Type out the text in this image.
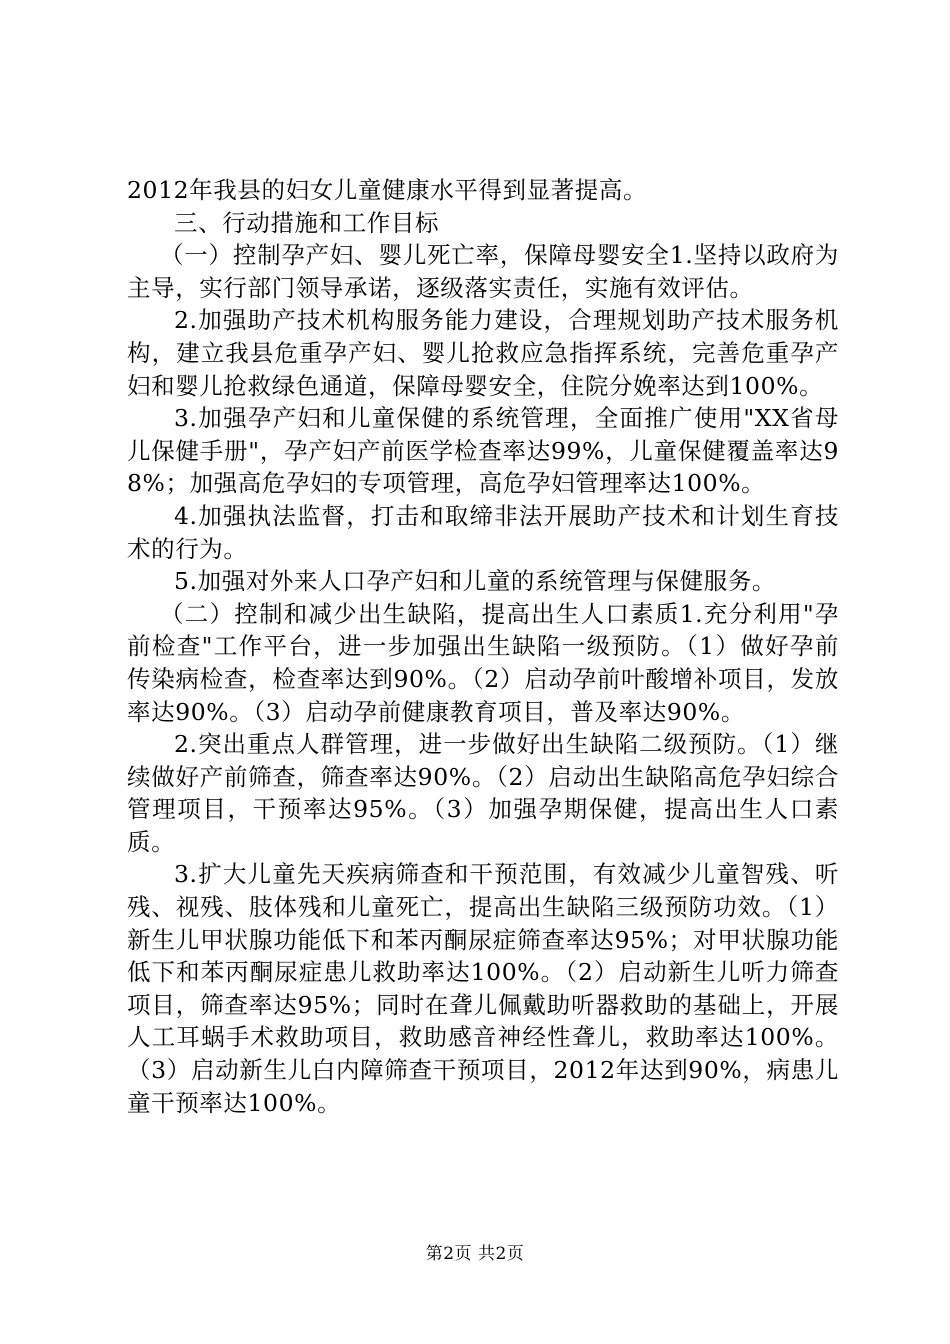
2012年我县的妇女儿童健康水平得到显著提高。

三、行动措施和工作目标

（一）控制孕产妇、婴儿死亡率，保障母婴安全1.坚持以政府为主导，实行部门领导承诺，逐级落实责任，实施有效评估。

2.加强助产技术机构服务能力建设，合理规划助产技术服务机构，建立我县危重孕产妇、婴儿抢救应急指挥系统，完善危重孕产妇和婴儿抢救绿色通道，保障母婴安全，住院分娩率达到100%。

3.加强孕产妇和儿童保健的系统管理，全面推广使用"XX省母儿保健手册"，孕产妇产前医学检查率达99%，儿童保健覆盖率达98%；加强高危孕妇的专项管理，高危孕妇管理率达100%。

4.加强执法监督，打击和取缔非法开展助产技术和计划生育技术的行为。

5.加强对外来人口孕产妇和儿童的系统管理与保健服务。

（二）控制和减少出生缺陷，提高出生人口素质1.充分利用"孕前检查"工作平台，进一步加强出生缺陷一级预防。（1）做好孕前传染病检查，检查率达到90%。（2）启动孕前叶酸增补项目，发放率达90%。（3）启动孕前健康教育项目，普及率达90%。

2.突出重点人群管理，进一步做好出生缺陷二级预防。（1）继续做好产前筛查，筛查率达90%。（2）启动出生缺陷高危孕妇综合管理项目，干预率达95%。（3）加强孕期保健，提高出生人口素质。

3.扩大儿童先天疾病筛查和干预范围，有效减少儿童智残、听残、视残、肢体残和儿童死亡，提高出生缺陷三级预防功效。（1）新生儿甲状腺功能低下和苯丙酮尿症筛查率达95%；对甲状腺功能低下和苯丙酮尿症患儿救助率达100%。（2）启动新生儿听力筛查项目，筛查率达95%；同时在聋儿佩戴助听器救助的基础上，开展人工耳蜗手术救助项目，救助感音神经性聋儿，救助率达100%。（3）启动新生儿白内障筛查干预项目，2012年达到90%，病患儿童干预率达100%。

第2页 共2页
